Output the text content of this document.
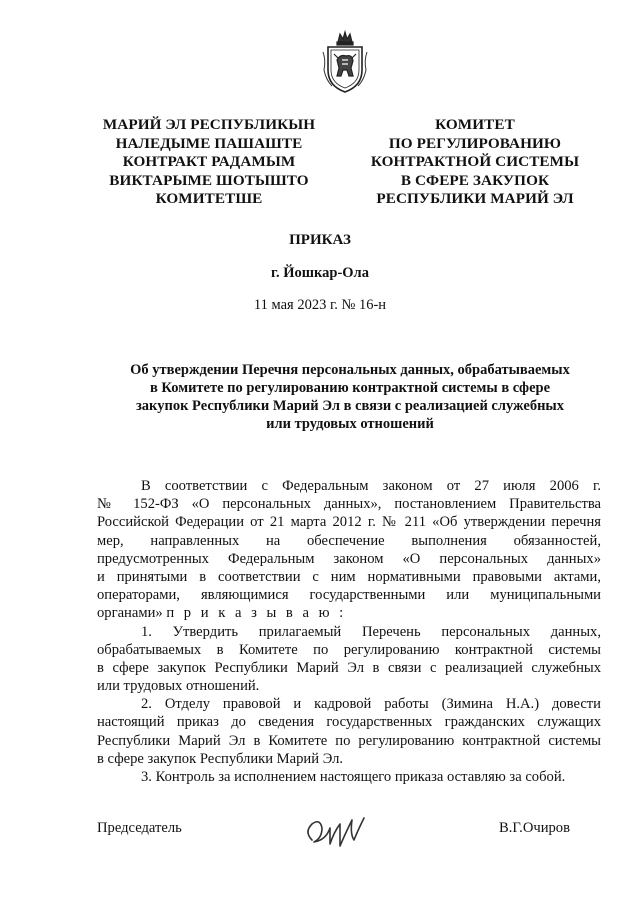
МАРИЙ ЭЛ РЕСПУБЛИКЫН
НАЛЕДЫМЕ ПАШАШТЕ
КОНТРАКТ РАДАМЫМ
ВИКТАРЫМЕ ШОТЫШТО
КОМИТЕТШЕ
КОМИТЕТ
ПО РЕГУЛИРОВАНИЮ
КОНТРАКТНОЙ СИСТЕМЫ
В СФЕРЕ ЗАКУПОК
РЕСПУБЛИКИ МАРИЙ ЭЛ
ПРИКАЗ
г. Йошкар-Ола
11 мая 2023 г. № 16-н
Об утверждении Перечня персональных данных, обрабатываемых
в Комитете по регулированию контрактной системы в сфере
закупок Республики Марий Эл в связи с реализацией служебных
или трудовых отношений
В соответствии с Федеральным законом от 27 июля 2006 г.
№ 152-ФЗ «О персональных данных», постановлением Правительства
Российской Федерации от 21 марта 2012 г. № 211 «Об утверждении перечня
мер, направленных на обеспечение выполнения обязанностей,
предусмотренных Федеральным законом «О персональных данных»
и принятыми в соответствии с ним нормативными правовыми актами,
операторами, являющимися государственными или муниципальными
органами» п р и к а з ы в а ю :
1. Утвердить прилагаемый Перечень персональных данных,
обрабатываемых в Комитете по регулированию контрактной системы
в сфере закупок Республики Марий Эл в связи с реализацией служебных
или трудовых отношений.
2. Отделу правовой и кадровой работы (Зимина Н.А.) довести
настоящий приказ до сведения государственных гражданских служащих
Республики Марий Эл в Комитете по регулированию контрактной системы
в сфере закупок Республики Марий Эл.
3. Контроль за исполнением настоящего приказа оставляю за собой.
Председатель	В.Г.Очиров
